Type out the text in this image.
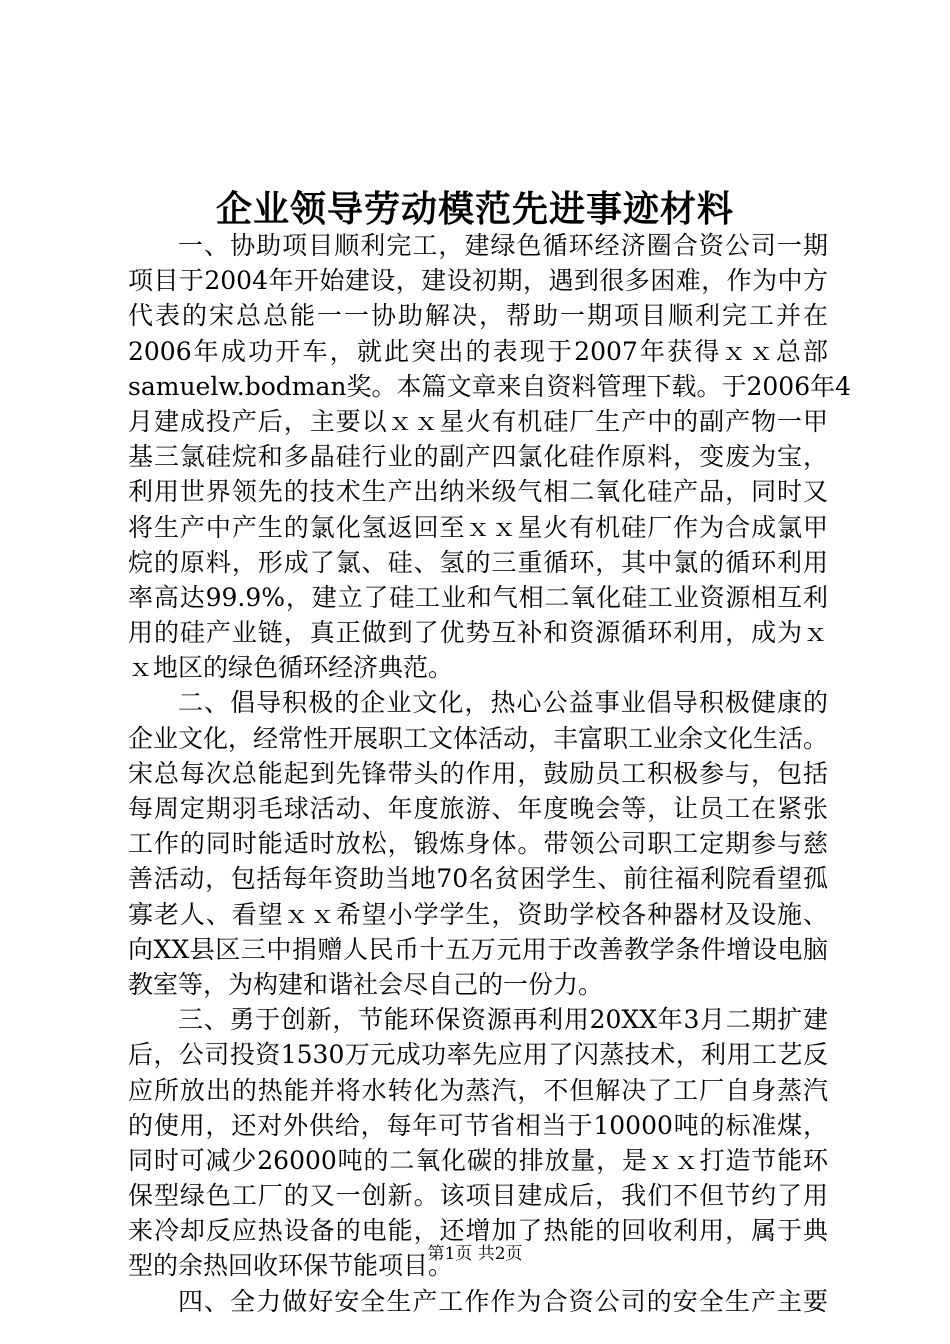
企业领导劳动模范先进事迹材料
一、协助项目顺利完工，建绿色循环经济圈合资公司一期
项目于2004年开始建设，建设初期，遇到很多困难，作为中方
代表的宋总总能一一协助解决，帮助一期项目顺利完工并在
2006年成功开车，就此突出的表现于2007年获得ｘｘ总部
samuelw.bodman奖。本篇文章来自资料管理下载。于2006年4
月建成投产后，主要以ｘｘ星火有机硅厂生产中的副产物一甲
基三氯硅烷和多晶硅行业的副产四氯化硅作原料，变废为宝，
利用世界领先的技术生产出纳米级气相二氧化硅产品，同时又
将生产中产生的氯化氢返回至ｘｘ星火有机硅厂作为合成氯甲
烷的原料，形成了氯、硅、氢的三重循环，其中氯的循环利用
率高达99.9%，建立了硅工业和气相二氧化硅工业资源相互利
用的硅产业链，真正做到了优势互补和资源循环利用，成为ｘ
ｘ地区的绿色循环经济典范。
二、倡导积极的企业文化，热心公益事业倡导积极健康的
企业文化，经常性开展职工文体活动，丰富职工业余文化生活。
宋总每次总能起到先锋带头的作用，鼓励员工积极参与，包括
每周定期羽毛球活动、年度旅游、年度晚会等，让员工在紧张
工作的同时能适时放松，锻炼身体。带领公司职工定期参与慈
善活动，包括每年资助当地70名贫困学生、前往福利院看望孤
寡老人、看望ｘｘ希望小学学生，资助学校各种器材及设施、
向XX县区三中捐赠人民币十五万元用于改善教学条件增设电脑
教室等，为构建和谐社会尽自己的一份力。
三、勇于创新，节能环保资源再利用20XX年3月二期扩建
后，公司投资1530万元成功率先应用了闪蒸技术，利用工艺反
应所放出的热能并将水转化为蒸汽，不但解决了工厂自身蒸汽
的使用，还对外供给，每年可节省相当于10000吨的标准煤，
同时可减少26000吨的二氧化碳的排放量，是ｘｘ打造节能环
保型绿色工厂的又一创新。该项目建成后，我们不但节约了用
来冷却反应热设备的电能，还增加了热能的回收利用，属于典
型的余热回收环保节能项目。
四、全力做好安全生产工作作为合资公司的安全生产主要
第1页 共2页
